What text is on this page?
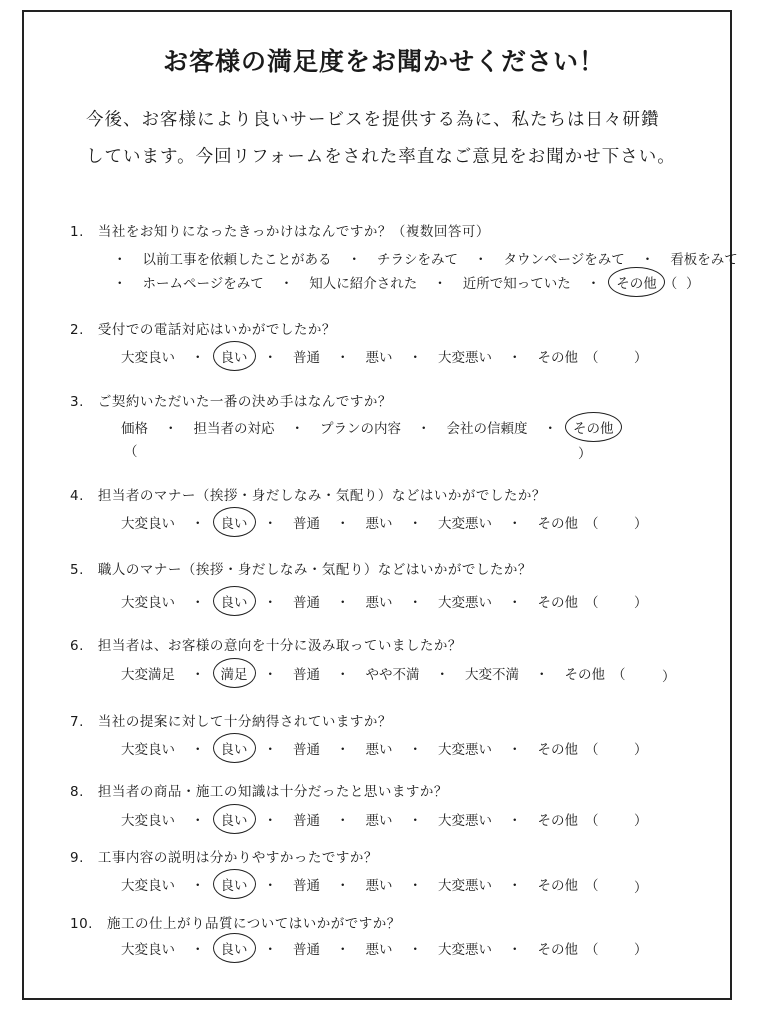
お客様の満足度をお聞かせください！
今後、お客様により良いサービスを提供する為に、私たちは日々研鑽
しています。今回リフォームをされた率直なご意見をお聞かせ下さい。
1.　当社をお知りになったきっかけはなんですか？（複数回答可）
・ 以前工事を依頼したことがある ・ チラシをみて ・ タウンページをみて ・ 看板をみて
・ ホームページをみて ・ 知人に紹介された ・ 近所で知っていた ・ その他 （ ）
2.　受付での電話対応はいかがでしたか？
大変良い ・ 良い ・ 普通 ・ 悪い ・ 大変悪い ・ その他 （	）
3.　ご契約いただいた一番の決め手はなんですか？
価格 ・ 担当者の対応 ・ プランの内容 ・ 会社の信頼度 ・ その他
（	）
4.　担当者のマナー（挨拶・身だしなみ・気配り）などはいかがでしたか？
大変良い ・ 良い ・ 普通 ・ 悪い ・ 大変悪い ・ その他 （	）
5.　職人のマナー（挨拶・身だしなみ・気配り）などはいかがでしたか？
大変良い ・ 良い ・ 普通 ・ 悪い ・ 大変悪い ・ その他 （	）
6.　担当者は、お客様の意向を十分に汲み取っていましたか？
大変満足 ・ 満足 ・ 普通 ・ やや不満 ・ 大変不満 ・ その他 （	）
7.　当社の提案に対して十分納得されていますか？
大変良い ・ 良い ・ 普通 ・ 悪い ・ 大変悪い ・ その他 （	）
8.　担当者の商品・施工の知識は十分だったと思いますか？
大変良い ・ 良い ・ 普通 ・ 悪い ・ 大変悪い ・ その他 （	）
9.　工事内容の説明は分かりやすかったですか？
大変良い ・ 良い ・ 普通 ・ 悪い ・ 大変悪い ・ その他 （	）
10.　施工の仕上がり品質についてはいかがですか？
大変良い ・ 良い ・ 普通 ・ 悪い ・ 大変悪い ・ その他 （	）
